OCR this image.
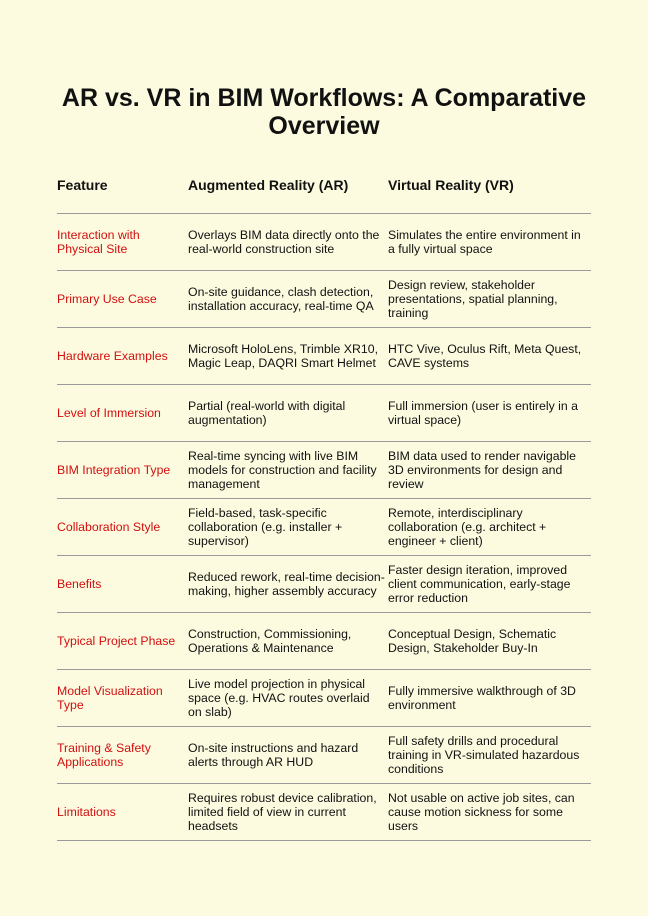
AR vs. VR in BIM Workflows: A Comparative Overview
Feature	Augmented Reality (AR)	Virtual Reality (VR)
Interaction with Physical Site	Overlays BIM data directly onto the real-world construction site	Simulates the entire environment in a fully virtual space
Primary Use Case	On-site guidance, clash detection, installation accuracy, real-time QA	Design review, stakeholder presentations, spatial planning, training
Hardware Examples	Microsoft HoloLens, Trimble XR10, Magic Leap, DAQRI Smart Helmet	HTC Vive, Oculus Rift, Meta Quest, CAVE systems
Level of Immersion	Partial (real-world with digital augmentation)	Full immersion (user is entirely in a virtual space)
BIM Integration Type	Real-time syncing with live BIM models for construction and facility management	BIM data used to render navigable 3D environments for design and review
Collaboration Style	Field-based, task-specific collaboration (e.g. installer + supervisor)	Remote, interdisciplinary collaboration (e.g. architect + engineer + client)
Benefits	Reduced rework, real-time decision-making, higher assembly accuracy	Faster design iteration, improved client communication, early-stage error reduction
Typical Project Phase	Construction, Commissioning, Operations & Maintenance	Conceptual Design, Schematic Design, Stakeholder Buy-In
Model Visualization Type	Live model projection in physical space (e.g. HVAC routes overlaid on slab)	Fully immersive walkthrough of 3D environment
Training & Safety Applications	On-site instructions and hazard alerts through AR HUD	Full safety drills and procedural training in VR-simulated hazardous conditions
Limitations	Requires robust device calibration, limited field of view in current headsets	Not usable on active job sites, can cause motion sickness for some users
